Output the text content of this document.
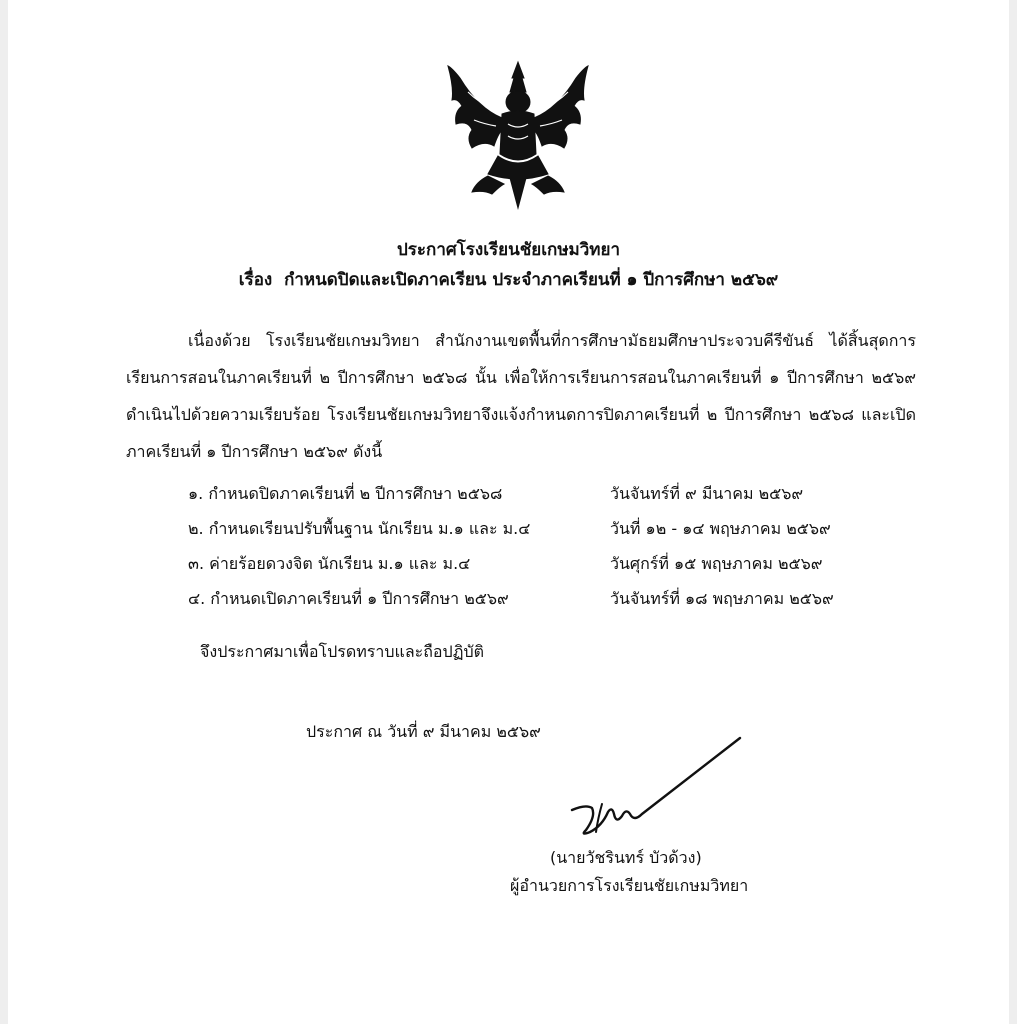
ประกาศโรงเรียนชัยเกษมวิทยา
เรื่อง กำหนดปิดและเปิดภาคเรียน ประจำภาคเรียนที่ ๑ ปีการศึกษา ๒๕๖๙

เนื่องด้วย โรงเรียนชัยเกษมวิทยา สำนักงานเขตพื้นที่การศึกษามัธยมศึกษาประจวบคีรีขันธ์ ได้สิ้นสุดการเรียนการสอนในภาคเรียนที่ ๒ ปีการศึกษา ๒๕๖๘ นั้น เพื่อให้การเรียนการสอนในภาคเรียนที่ ๑ ปีการศึกษา ๒๕๖๙ ดำเนินไปด้วยความเรียบร้อย โรงเรียนชัยเกษมวิทยาจึงแจ้งกำหนดการปิดภาคเรียนที่ ๒ ปีการศึกษา ๒๕๖๘ และเปิดภาคเรียนที่ ๑ ปีการศึกษา ๒๕๖๙ ดังนี้

๑. กำหนดปิดภาคเรียนที่ ๒ ปีการศึกษา ๒๕๖๘	วันจันทร์ที่ ๙ มีนาคม ๒๕๖๙
๒. กำหนดเรียนปรับพื้นฐาน นักเรียน ม.๑ และ ม.๔	วันที่ ๑๒ - ๑๔ พฤษภาคม ๒๕๖๙
๓. ค่ายร้อยดวงจิต นักเรียน ม.๑ และ ม.๔	วันศุกร์ที่ ๑๕ พฤษภาคม ๒๕๖๙
๔. กำหนดเปิดภาคเรียนที่ ๑ ปีการศึกษา ๒๕๖๙	วันจันทร์ที่ ๑๘ พฤษภาคม ๒๕๖๙
จึงประกาศมาเพื่อโปรดทราบและถือปฏิบัติ
ประกาศ ณ วันที่ ๙ มีนาคม ๒๕๖๙
(นายวัชรินทร์ บัวด้วง)
ผู้อำนวยการโรงเรียนชัยเกษมวิทยา
